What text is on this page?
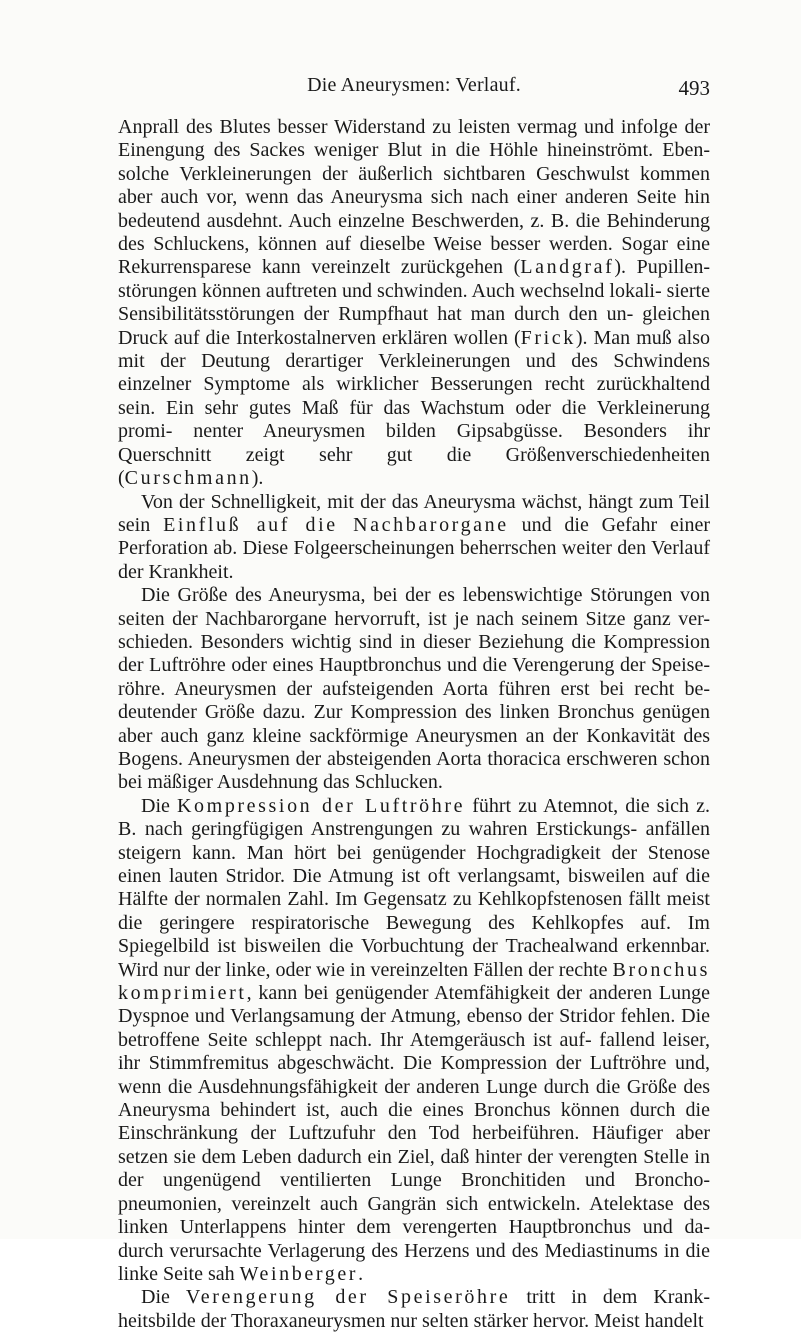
Die Aneurysmen: Verlauf.	493

Anprall des Blutes besser Widerstand zu leisten vermag und infolge der Einengung des Sackes weniger Blut in die Höhle hineinströmt. Eben- solche Verkleinerungen der äußerlich sichtbaren Geschwulst kommen aber auch vor, wenn das Aneurysma sich nach einer anderen Seite hin bedeutend ausdehnt. Auch einzelne Beschwerden, z. B. die Behinderung des Schluckens, können auf dieselbe Weise besser werden. Sogar eine Rekurrensparese kann vereinzelt zurückgehen (Landgraf). Pupillen- störungen können auftreten und schwinden. Auch wechselnd lokali- sierte Sensibilitätsstörungen der Rumpfhaut hat man durch den un- gleichen Druck auf die Interkostalnerven erklären wollen (Frick). Man muß also mit der Deutung derartiger Verkleinerungen und des Schwindens einzelner Symptome als wirklicher Besserungen recht zurückhaltend sein. Ein sehr gutes Maß für das Wachstum oder die Verkleinerung promi- nenter Aneurysmen bilden Gipsabgüsse. Besonders ihr Querschnitt zeigt sehr gut die Größenverschiedenheiten (Curschmann).

Von der Schnelligkeit, mit der das Aneurysma wächst, hängt zum Teil sein Einfluß auf die Nachbarorgane und die Gefahr einer Perforation ab. Diese Folgeerscheinungen beherrschen weiter den Verlauf der Krankheit.

Die Größe des Aneurysma, bei der es lebenswichtige Störungen von seiten der Nachbarorgane hervorruft, ist je nach seinem Sitze ganz ver- schieden. Besonders wichtig sind in dieser Beziehung die Kompression der Luftröhre oder eines Hauptbronchus und die Verengerung der Speise- röhre. Aneurysmen der aufsteigenden Aorta führen erst bei recht be- deutender Größe dazu. Zur Kompression des linken Bronchus genügen aber auch ganz kleine sackförmige Aneurysmen an der Konkavität des Bogens. Aneurysmen der absteigenden Aorta thoracica erschweren schon bei mäßiger Ausdehnung das Schlucken.

Die Kompression der Luftröhre führt zu Atemnot, die sich z. B. nach geringfügigen Anstrengungen zu wahren Erstickungs- anfällen steigern kann. Man hört bei genügender Hochgradigkeit der Stenose einen lauten Stridor. Die Atmung ist oft verlangsamt, bisweilen auf die Hälfte der normalen Zahl. Im Gegensatz zu Kehlkopfstenosen fällt meist die geringere respiratorische Bewegung des Kehlkopfes auf. Im Spiegelbild ist bisweilen die Vorbuchtung der Trachealwand erkennbar. Wird nur der linke, oder wie in vereinzelten Fällen der rechte Bronchus komprimiert, kann bei genügender Atemfähigkeit der anderen Lunge Dyspnoe und Verlangsamung der Atmung, ebenso der Stridor fehlen. Die betroffene Seite schleppt nach. Ihr Atemgeräusch ist auf- fallend leiser, ihr Stimmfremitus abgeschwächt. Die Kompression der Luftröhre und, wenn die Ausdehnungsfähigkeit der anderen Lunge durch die Größe des Aneurysma behindert ist, auch die eines Bronchus können durch die Einschränkung der Luftzufuhr den Tod herbeiführen. Häufiger aber setzen sie dem Leben dadurch ein Ziel, daß hinter der verengten Stelle in der ungenügend ventilierten Lunge Bronchitiden und Broncho- pneumonien, vereinzelt auch Gangrän sich entwickeln. Atelektase des linken Unterlappens hinter dem verengerten Hauptbronchus und da- durch verursachte Verlagerung des Herzens und des Mediastinums in die linke Seite sah Weinberger.

Die Verengerung der Speiseröhre tritt in dem Krank- heitsbilde der Thoraxaneurysmen nur selten stärker hervor. Meist handelt
